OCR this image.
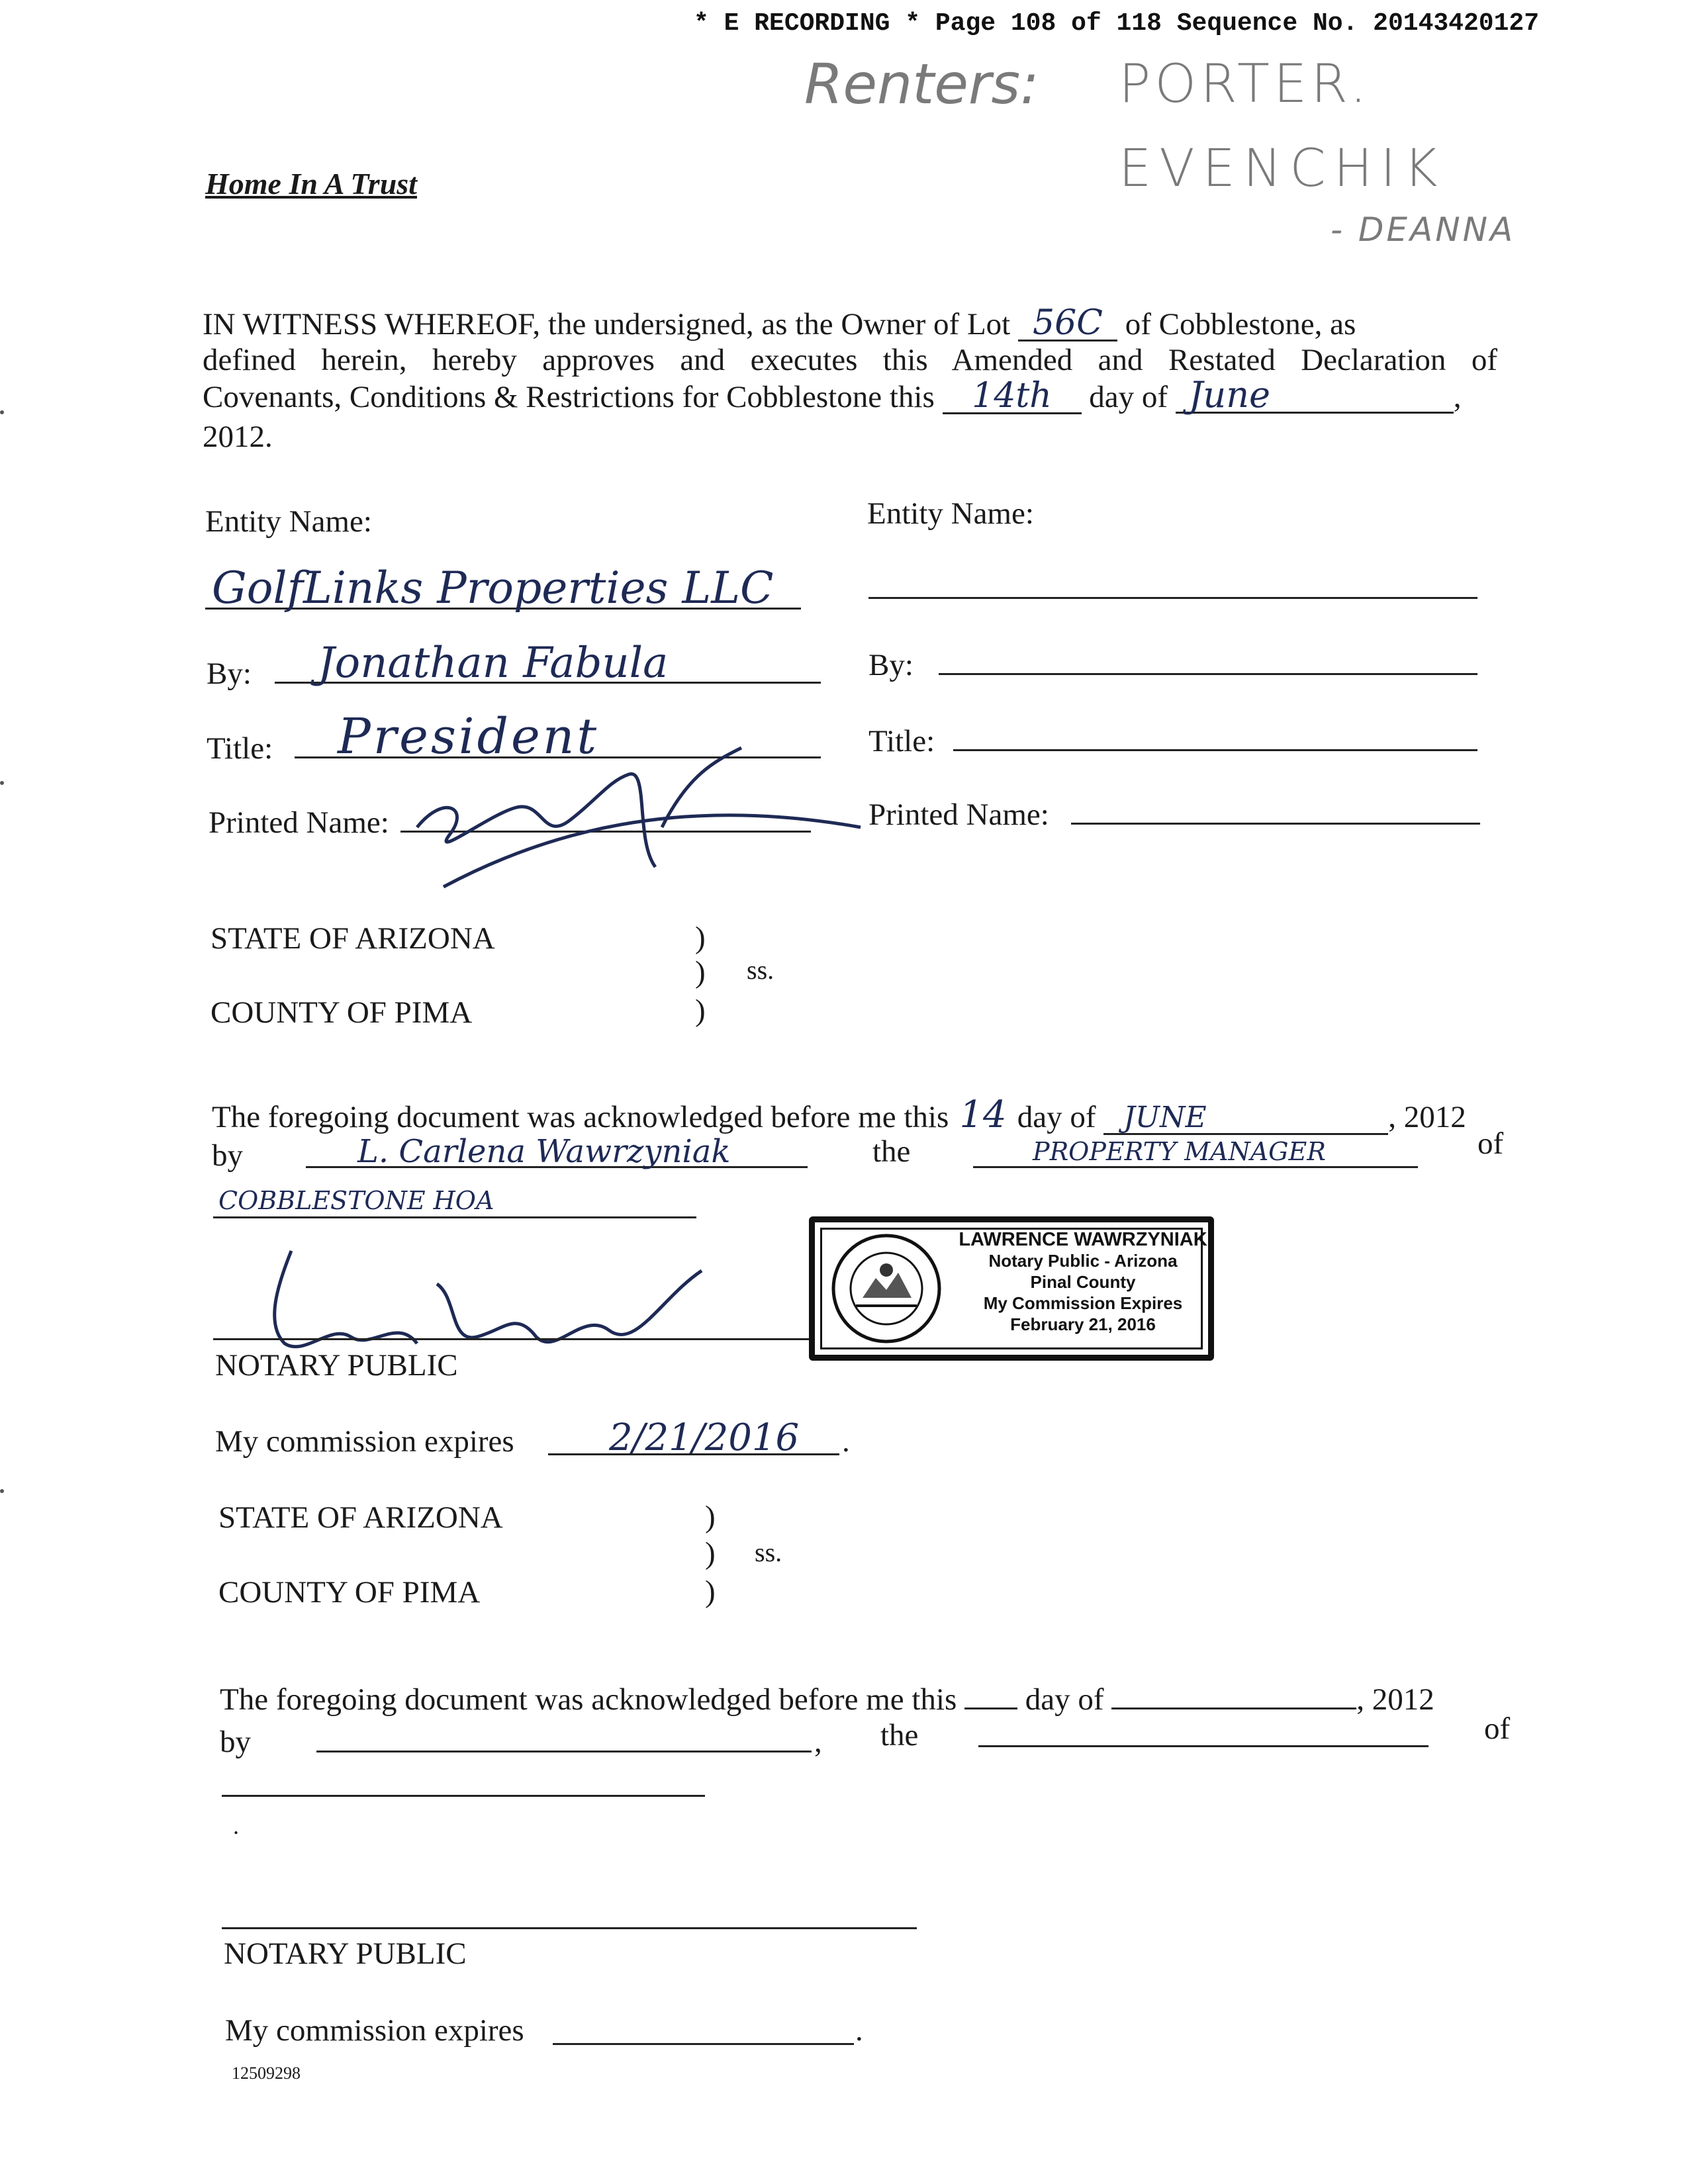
* E RECORDING * Page 108 of 118 Sequence No. 20143420127
Renters: PORTER.
EVENCHIK
- DEANNA
Home In A Trust
IN WITNESS WHEREOF, the undersigned, as the Owner of Lot 56C of Cobblestone, as
defined herein, hereby approves and executes this Amended and Restated Declaration of
Covenants, Conditions & Restrictions for Cobblestone this 14th day of June	,
2012.
Entity Name:
GolfLinks Properties LLC
By: Jonathan Fabula
Title: President
Printed Name:
Entity Name:
By:
Title:
Printed Name:
STATE OF ARIZONA	)
) ss.
)
COUNTY OF PIMA
The foregoing document was acknowledged before me this 14 day of JUNE	, 2012
by	L. Carlena Wawrzyniak	the	PROPERTY MANAGER	of
COBBLESTONE HOA
NOTARY PUBLIC
LAWRENCE WAWRZYNIAK
Notary Public - Arizona
Pinal County
My Commission Expires
February 21, 2016
My commission expires	2/21/2016 .
STATE OF ARIZONA	)
) ss.
)
COUNTY OF PIMA
The foregoing document was acknowledged before me this day of	, 2012
by	, the	of
.
NOTARY PUBLIC
My commission expires	.
12509298
